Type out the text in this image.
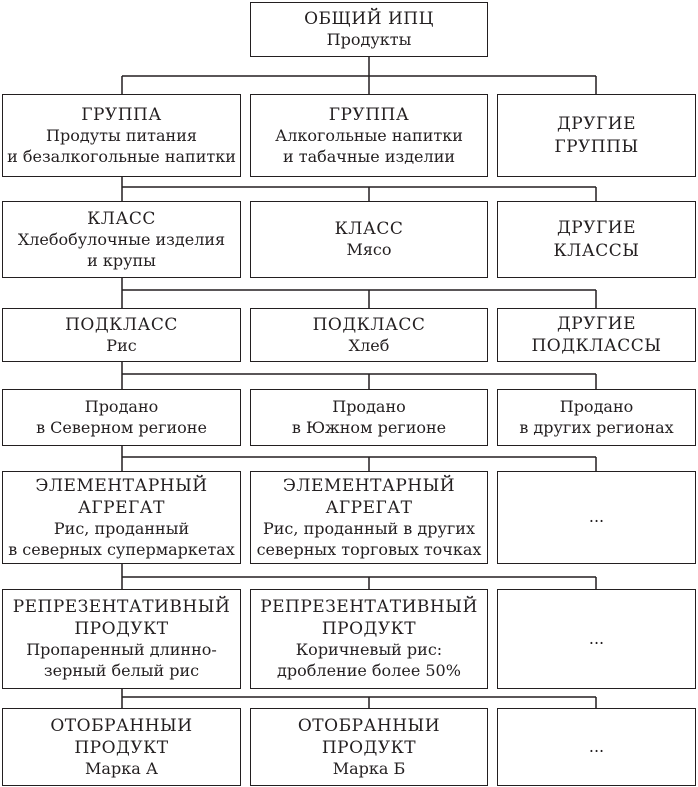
ОБЩИЙ ИПЦ
Продукты
ГРУППА
Продуты питания
и безалкогольные напитки
ГРУППА
Алкогольные напитки
и табачные изделии
ДРУГИЕ
ГРУППЫ
КЛАСС
Хлебобулочные изделия
и крупы
КЛАСС
Мясо
ДРУГИЕ
КЛАССЫ
ПОДКЛАСС
Рис
ПОДКЛАСС
Хлеб
ДРУГИЕ
ПОДКЛАССЫ
Продано
в Северном регионе
Продано
в Южном регионе
Продано
в других регионах
ЭЛЕМЕНТАРНЫЙ
АГРЕГАТ
Рис, проданный
в северных супермаркетах
ЭЛЕМЕНТАРНЫЙ
АГРЕГАТ
Рис, проданный в других
северных торговых точках
...
РЕПРЕЗЕНТАТИВНЫЙ
ПРОДУКТ
Пропаренный длинно-
зерный белый рис
РЕПРЕЗЕНТАТИВНЫЙ
ПРОДУКТ
Коричневый рис:
дробление более 50%
...
ОТОБРАННЫИ
ПРОДУКТ
Марка А
ОТОБРАННЫИ
ПРОДУКТ
Марка Б
...
